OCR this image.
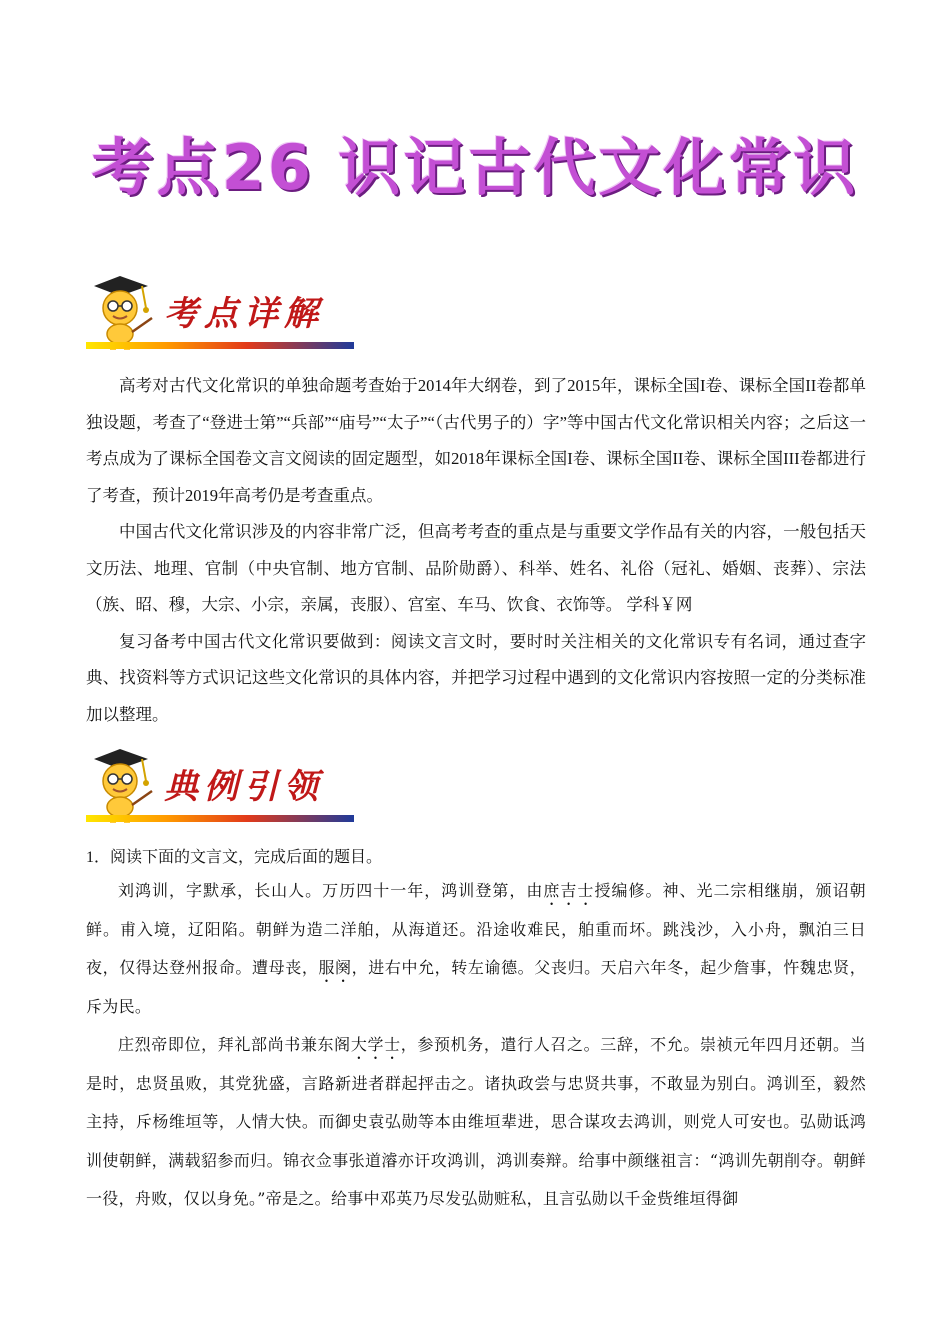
考点26 识记古代文化常识
考点详解

高考对古代文化常识的单独命题考查始于2014年大纲卷，到了2015年，课标全国I卷、课标全国II卷都单独设题，考查了“登进士第”“兵部”“庙号”“太子”“（古代男子的）字”等中国古代文化常识相关内容；之后这一考点成为了课标全国卷文言文阅读的固定题型，如2018年课标全国I卷、课标全国II卷、课标全国III卷都进行了考查，预计2019年高考仍是考查重点。

中国古代文化常识涉及的内容非常广泛，但高考考查的重点是与重要文学作品有关的内容，一般包括天文历法、地理、官制（中央官制、地方官制、品阶勋爵）、科举、姓名、礼俗（冠礼、婚姻、丧葬）、宗法（族、昭、穆，大宗、小宗，亲属，丧服）、宫室、车马、饮食、衣饰等。 学科￥网

复习备考中国古代文化常识要做到：阅读文言文时，要时时关注相关的文化常识专有名词，通过查字典、找资料等方式识记这些文化常识的具体内容，并把学习过程中遇到的文化常识内容按照一定的分类标准加以整理。

典例引领
1．阅读下面的文言文，完成后面的题目。

刘鸿训，字默承，长山人。万历四十一年，鸿训登第，由庶吉士授编修。神、光二宗相继崩，颁诏朝鲜。甫入境，辽阳陷。朝鲜为造二洋舶，从海道还。沿途收难民，舶重而坏。跳浅沙，入小舟，飘泊三日夜，仅得达登州报命。遭母丧，服阕，进右中允，转左谕德。父丧归。天启六年冬，起少詹事，忤魏忠贤，斥为民。

庄烈帝即位，拜礼部尚书兼东阁大学士，参预机务，遣行人召之。三辞，不允。崇祯元年四月还朝。当是时，忠贤虽败，其党犹盛，言路新进者群起抨击之。诸执政尝与忠贤共事，不敢显为别白。鸿训至，毅然主持，斥杨维垣等，人情大快。而御史袁弘勋等本由维垣辈进，思合谋攻去鸿训，则党人可安也。弘勋诋鸿训使朝鲜，满载貂参而归。锦衣佥事张道濬亦讦攻鸿训，鸿训奏辩。给事中颜继祖言：“鸿训先朝削夺。朝鲜一役，舟败，仅以身免。”帝是之。给事中邓英乃尽发弘勋赃私，且言弘勋以千金赀维垣得御
